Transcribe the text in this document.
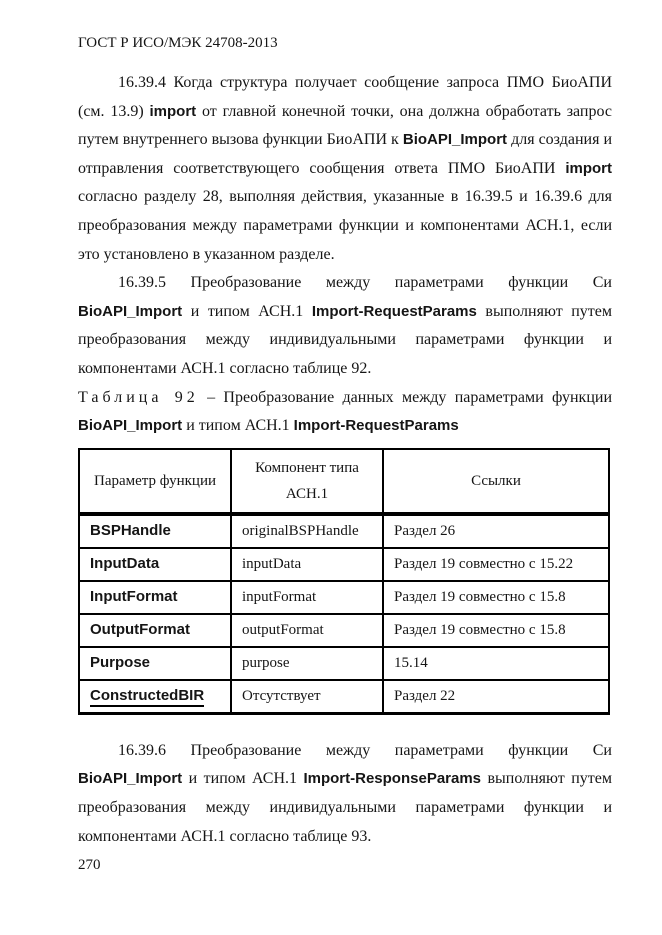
ГОСТ Р ИСО/МЭК 24708-2013

16.39.4 Когда структура получает сообщение запроса ПМО БиоАПИ (см. 13.9) import от главной конечной точки, она должна обработать запрос путем внутреннего вызова функции БиоАПИ к BioAPI_Import для создания и отправления соответствующего сообщения ответа ПМО БиоАПИ import согласно разделу 28, выполняя действия, указанные в 16.39.5 и 16.39.6 для преобразования между параметрами функции и компонентами АСН.1, если это установлено в указанном разделе.

16.39.5 Преобразование между параметрами функции Си BioAPI_Import и типом АСН.1 Import-RequestParams выполняют путем преобразования между индивидуальными параметрами функции и компонентами АСН.1 согласно таблице 92.

Таблица 92 – Преобразование данных между параметрами функции BioAPI_Import и типом АСН.1 Import-RequestParams

Параметр функции	Компонент типа АСН.1	Ссылки
BSPHandle	originalBSPHandle	Раздел 26
InputData	inputData	Раздел 19 совместно с 15.22
InputFormat	inputFormat	Раздел 19 совместно с 15.8
OutputFormat	outputFormat	Раздел 19 совместно с 15.8
Purpose	purpose	15.14
ConstructedBIR	Отсутствует	Раздел 22

16.39.6 Преобразование между параметрами функции Си BioAPI_Import и типом АСН.1 Import-ResponseParams выполняют путем преобразования между индивидуальными параметрами функции и компонентами АСН.1 согласно таблице 93.

270
